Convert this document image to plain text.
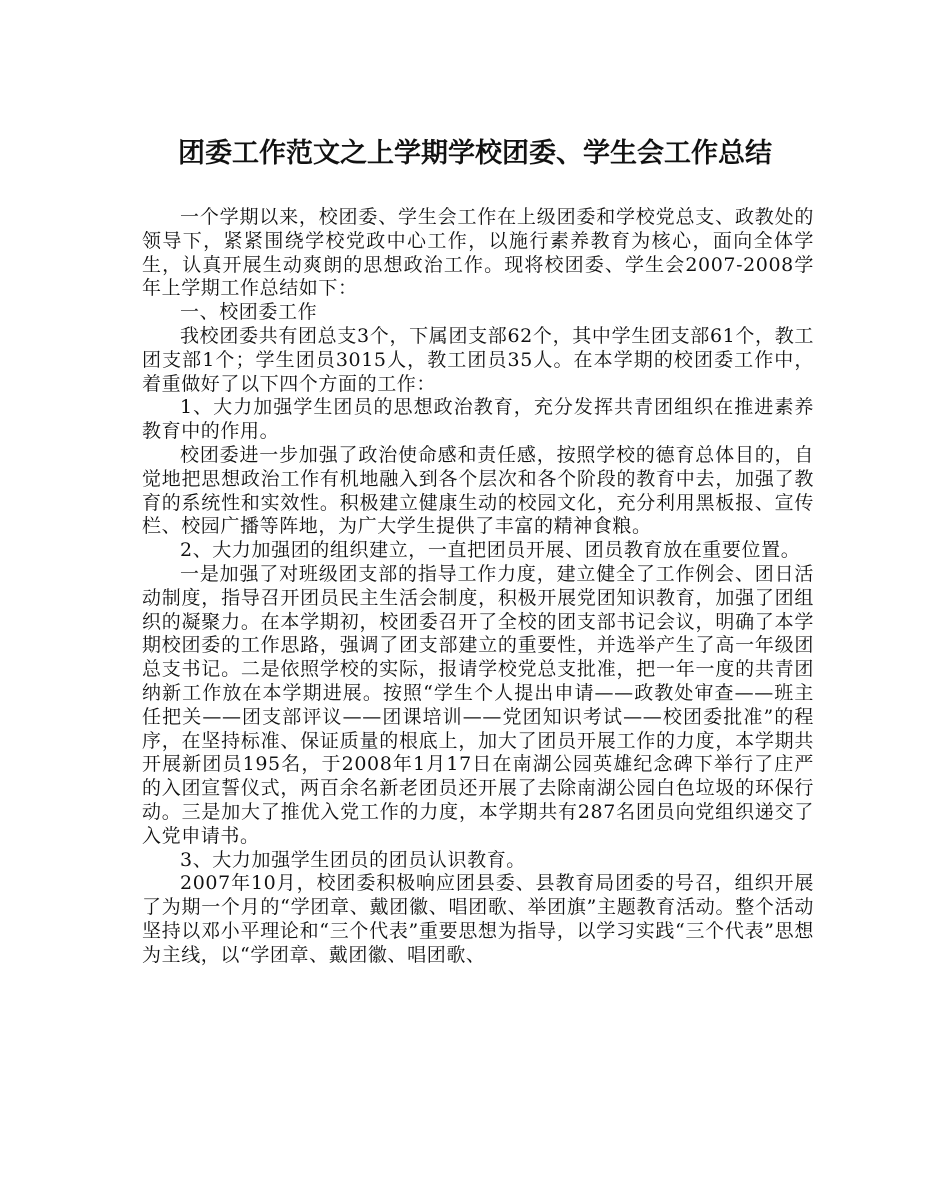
团委工作范文之上学期学校团委、学生会工作总结

一个学期以来，校团委、学生会工作在上级团委和学校党总支、政教处的领导下，紧紧围绕学校党政中心工作，以施行素养教育为核心，面向全体学生，认真开展生动爽朗的思想政治工作。现将校团委、学生会2007-2008学年上学期工作总结如下：

一、校团委工作

我校团委共有团总支3个，下属团支部62个，其中学生团支部61个，教工团支部1个；学生团员3015人，教工团员35人。在本学期的校团委工作中，着重做好了以下四个方面的工作：

1、大力加强学生团员的思想政治教育，充分发挥共青团组织在推进素养教育中的作用。

校团委进一步加强了政治使命感和责任感，按照学校的德育总体目的，自觉地把思想政治工作有机地融入到各个层次和各个阶段的教育中去，加强了教育的系统性和实效性。积极建立健康生动的校园文化，充分利用黑板报、宣传栏、校园广播等阵地，为广大学生提供了丰富的精神食粮。

2、大力加强团的组织建立，一直把团员开展、团员教育放在重要位置。

一是加强了对班级团支部的指导工作力度，建立健全了工作例会、团日活动制度，指导召开团员民主生活会制度，积极开展党团知识教育，加强了团组织的凝聚力。在本学期初，校团委召开了全校的团支部书记会议，明确了本学期校团委的工作思路，强调了团支部建立的重要性，并选举产生了高一年级团总支书记。二是依照学校的实际，报请学校党总支批准，把一年一度的共青团纳新工作放在本学期进展。按照“学生个人提出申请——政教处审查——班主任把关——团支部评议——团课培训——党团知识考试——校团委批准”的程序，在坚持标准、保证质量的根底上，加大了团员开展工作的力度，本学期共开展新团员195名，于2008年1月17日在南湖公园英雄纪念碑下举行了庄严的入团宣誓仪式，两百余名新老团员还开展了去除南湖公园白色垃圾的环保行动。三是加大了推优入党工作的力度，本学期共有287名团员向党组织递交了入党申请书。

3、大力加强学生团员的团员认识教育。

2007年10月，校团委积极响应团县委、县教育局团委的号召，组织开展了为期一个月的“学团章、戴团徽、唱团歌、举团旗”主题教育活动。整个活动坚持以邓小平理论和“三个代表”重要思想为指导，以学习实践“三个代表”思想为主线，以“学团章、戴团徽、唱团歌、
